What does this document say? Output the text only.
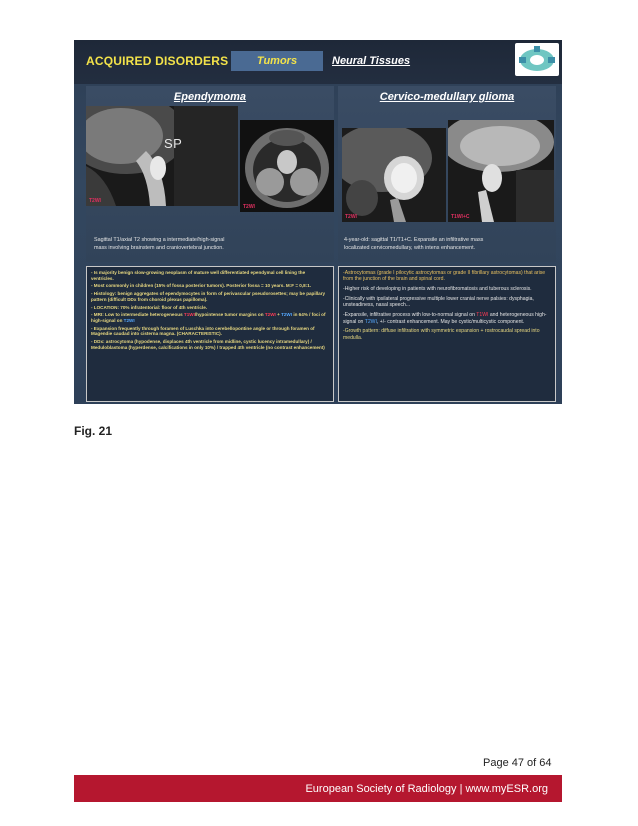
ACQUIRED DISORDERS	Tumors	Neural Tissues
Ependymoma
T2WI
SP
T2WI
Sagittal T1/axial T2 showing a intermediate/high-signal
mass involving brainstem and craniovertebral junction.
Cervico-medullary glioma
T2WI	T1WI+C
4-year-old: sagittal T1/T1+C. Expansile an infiltrative mass
localizated cervicomedullary, with intens enhancement.

- Is majority benign slow-growing neoplasm of mature well differentiated ependymal cell lining the ventricles.

- Most commonly in children (15% of fossa posterior tumors). Posterior fossa = 10 years. M:F = 0,8:1.

- Histology: benign aggregates of ependymocytes in form of perivascular pseudorosettes; may be papillary pattern (difficult DDx from choroid plexus papilloma).

- LOCATION: 70% infratentorial: floor of 4th ventricle.

- MRI: Low to intermediate heterogeneous T1WI/hypointense tumor margins on T2WI + T2WI in 64% / foci of high-signal on T2WI

- Expansion frequently through foramen of Luschka into cerebellopontine angle or through foramen of Magendie caudad into cisterna magna. (CHARACTERISTIC).

- DDx: astrocytoma (hypodense, displaces 4th ventricle from midline, cystic lucency intramedullary) / Meduloblastoma (hyperdense, calcifications in only 10%) / trapped 4th ventricle (no contrast enhancement)

-Astrocytomas (grade I pilocytic astrocytomas or grade II fibrillary astrocytomas) that arise from the junction of the brain and spinal cord.

-Higher risk of developing in patients with neurofibromatosis and tuberous sclerosis.

-Clinically with ipsilateral progressive multiple lower cranial nerve palsies: dysphagia, unsteadiness, nasal speech...

-Expansile, infiltrative process with low-to-normal signal on T1WI and heterogeneous high-signal on T2WI, +/- contrast enhancement. May be cystic/multicystic component.

-Growth pattern: diffuse infiltration with symmetric expansion + rostrocaudal spread into medulla.

Fig. 21
Page 47 of 64
European Society of Radiology | www.myESR.org
